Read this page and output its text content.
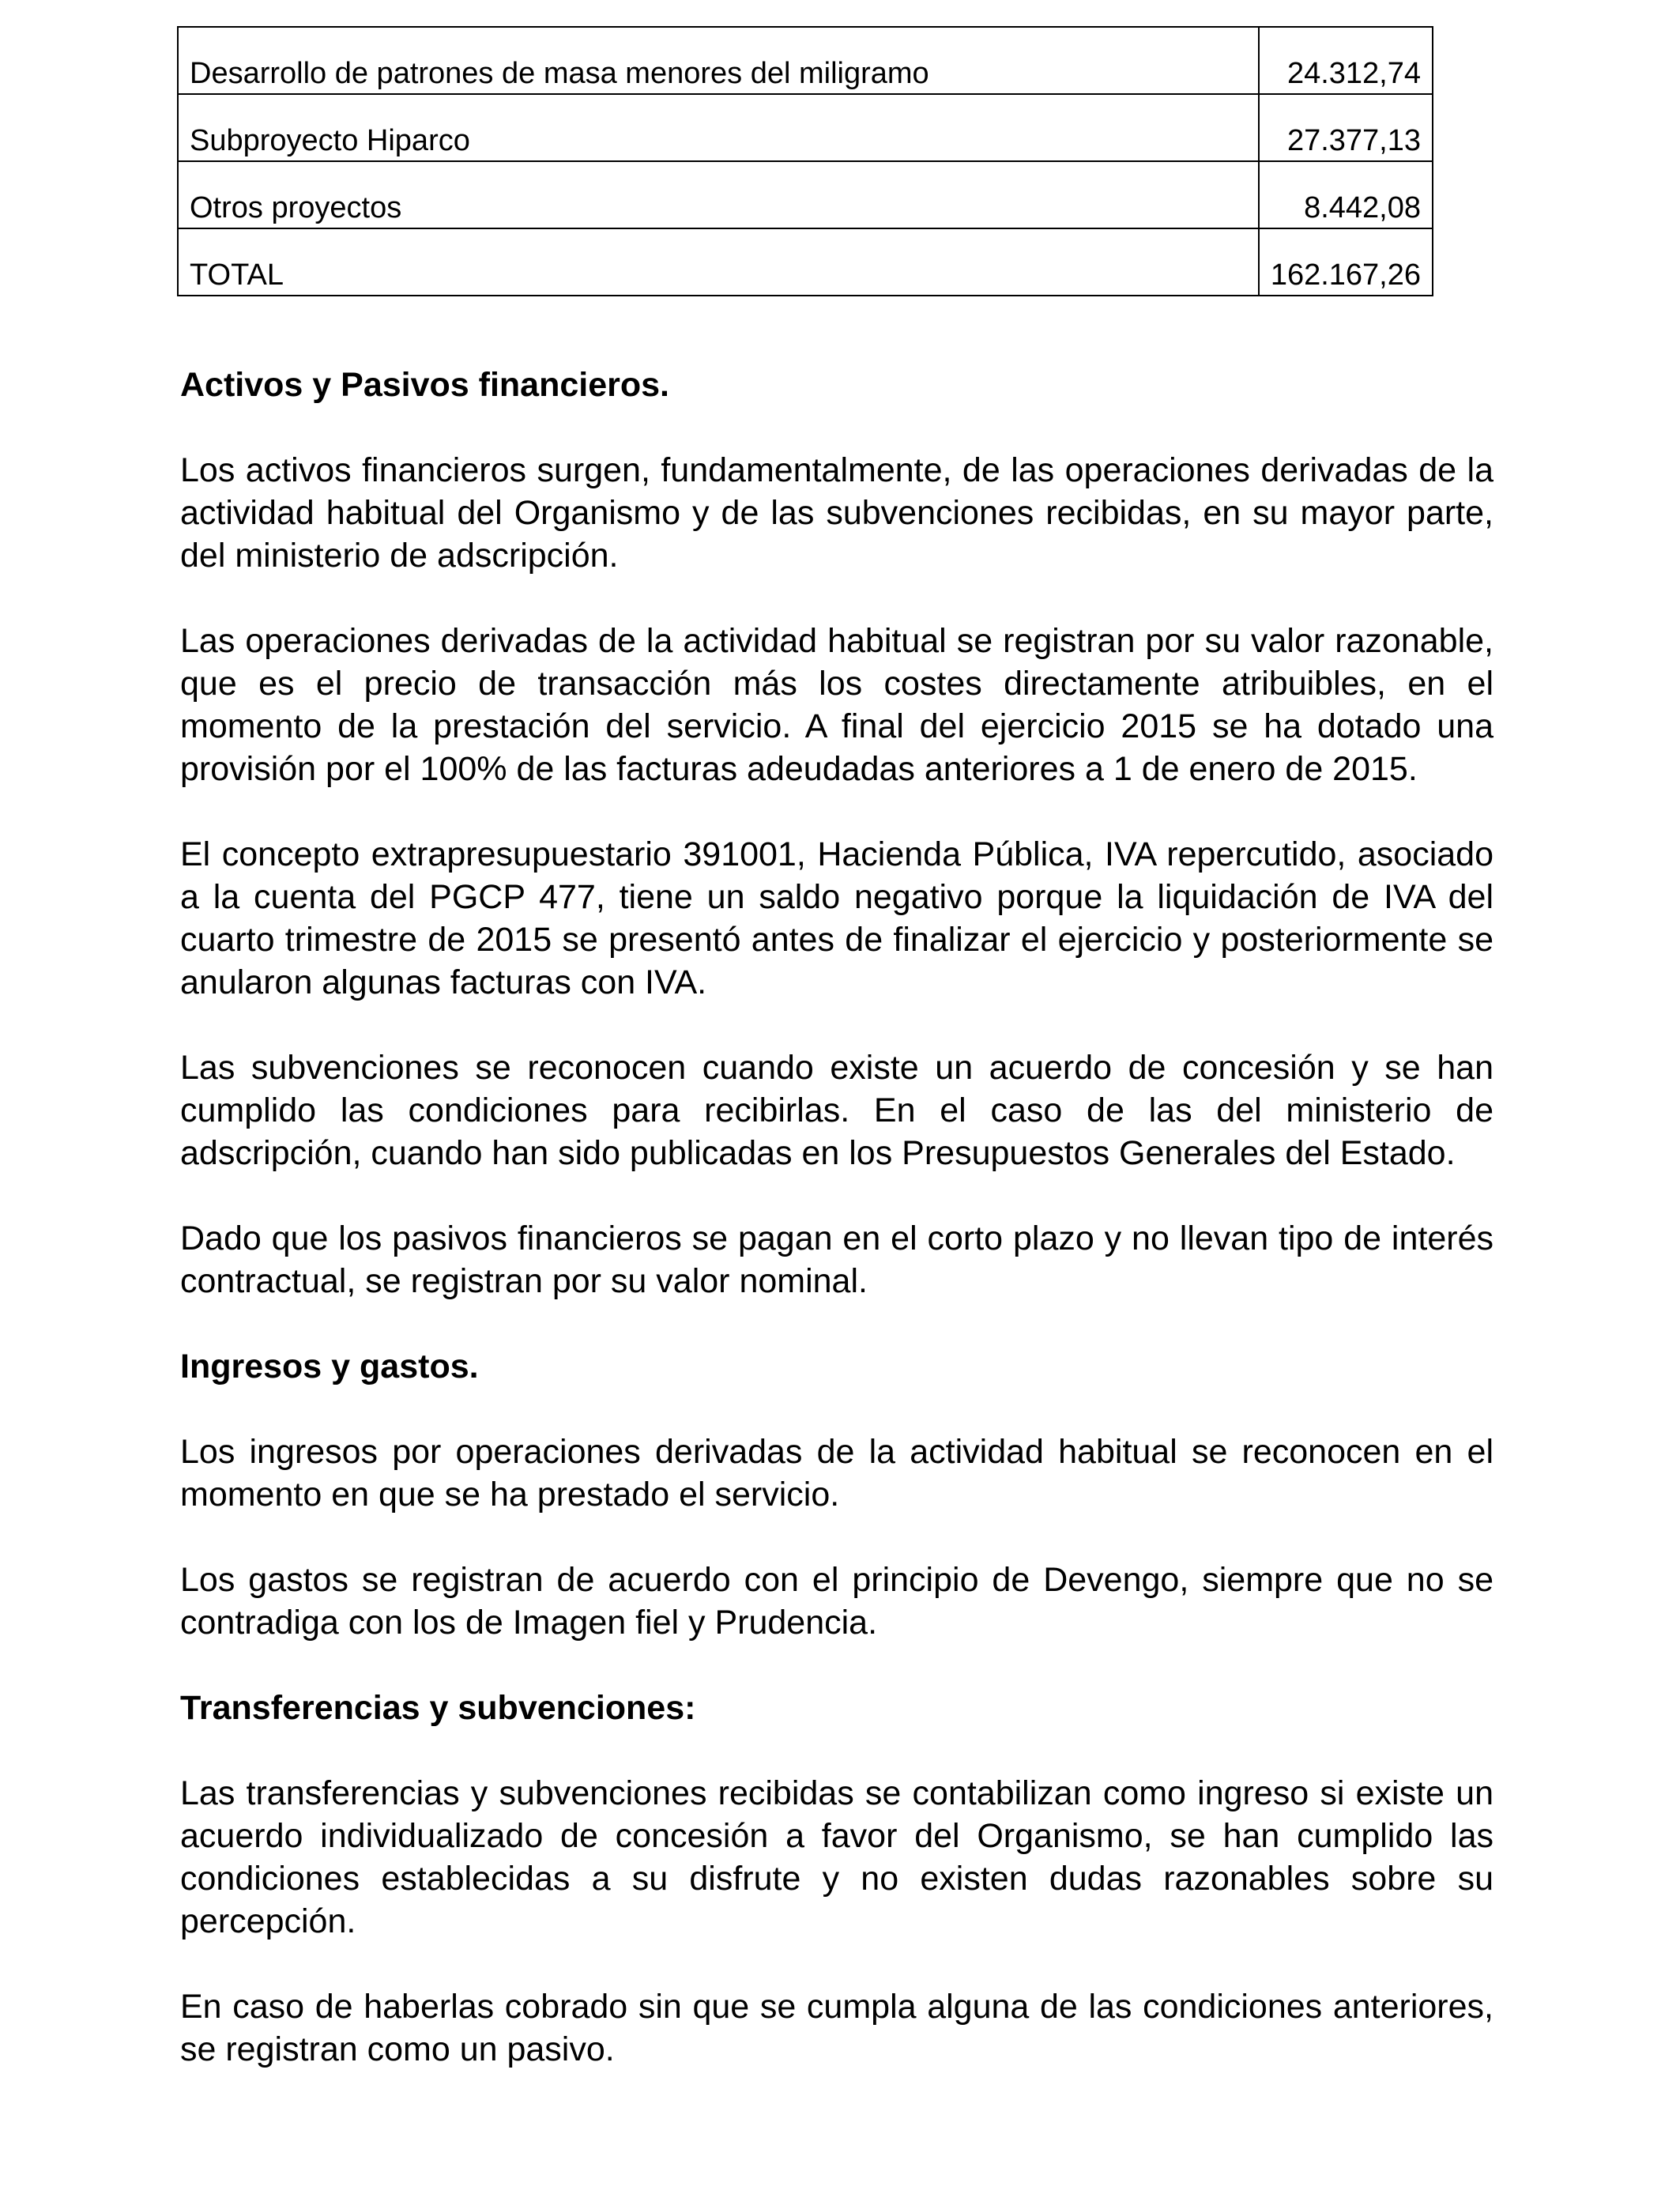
Desarrollo de patrones de masa menores del miligramo	24.312,74
Subproyecto Hiparco	27.377,13
Otros proyectos	8.442,08
TOTAL	162.167,26

Activos y Pasivos financieros.

Los activos financieros surgen, fundamentalmente, de las operaciones derivadas de la actividad habitual del Organismo y de las subvenciones recibidas, en su mayor parte, del ministerio de adscripción.

Las operaciones derivadas de la actividad habitual se registran por su valor razonable, que es el precio de transacción más los costes directamente atribuibles, en el momento de la prestación del servicio. A final del ejercicio 2015 se ha dotado una provisión por el 100% de las facturas adeudadas anteriores a 1 de enero de 2015.

El concepto extrapresupuestario 391001, Hacienda Pública, IVA repercutido, asociado a la cuenta del PGCP 477, tiene un saldo negativo porque la liquidación de IVA del cuarto trimestre de 2015 se presentó antes de finalizar el ejercicio y posteriormente se anularon algunas facturas con IVA.

Las subvenciones se reconocen cuando existe un acuerdo de concesión y se han cumplido las condiciones para recibirlas. En el caso de las del ministerio de adscripción, cuando han sido publicadas en los Presupuestos Generales del Estado.

Dado que los pasivos financieros se pagan en el corto plazo y no llevan tipo de interés contractual, se registran por su valor nominal.

Ingresos y gastos.

Los ingresos por operaciones derivadas de la actividad habitual se reconocen en el momento en que se ha prestado el servicio.

Los gastos se registran de acuerdo con el principio de Devengo, siempre que no se contradiga con los de Imagen fiel y Prudencia.

Transferencias y subvenciones:

Las transferencias y subvenciones recibidas se contabilizan como ingreso si existe un acuerdo individualizado de concesión a favor del Organismo, se han cumplido las condiciones establecidas a su disfrute y no existen dudas razonables sobre su percepción.

En caso de haberlas cobrado sin que se cumpla alguna de las condiciones anteriores, se registran como un pasivo.
